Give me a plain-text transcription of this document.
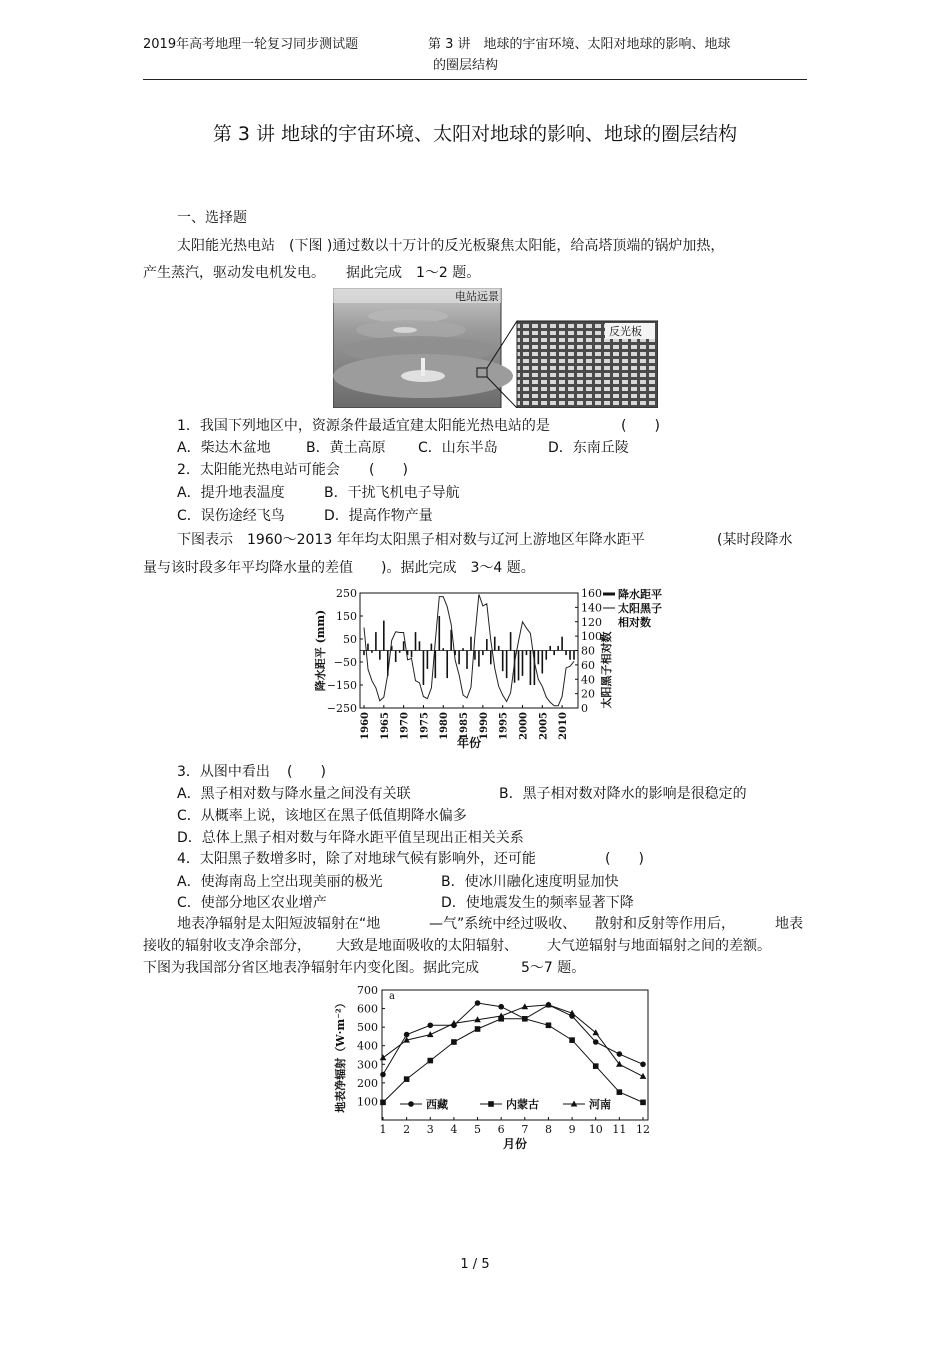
2019年高考地理一轮复习同步测试题	第 3 讲　地球的宇宙环境、太阳对地球的影响、地球
的圈层结构
第 3 讲 地球的宇宙环境、太阳对地球的影响、地球的圈层结构
一、选择题
太阳能光热电站　(下图 )通过数以十万计的反光板聚焦太阳能，给高塔顶端的锅炉加热，
产生蒸汽，驱动发电机发电。　　据此完成　1～2 题。
电站远景
反光板
1．我国下列地区中，资源条件最适宜建太阳能光热电站的是	(　　)
A．柴达木盆地	B．黄土高原 C．山东半岛	D．东南丘陵
2．太阳能光热电站可能会 (　　)
A．提升地表温度	B．干扰飞机电子导航
C．误伤途经飞鸟	D．提高作物产量
下图表示　1960～2013 年年均太阳黑子相对数与辽河上游地区年降水距平	(某时段降水
量与该时段多年平均降水量的差值　　)。据此完成　3～4 题。
250
150
50
−50
−150
−250
160
140
120
100
80
60
40
20
0
1960 1965 1970 1975 1980 1985 1990 1995 2000 2005 2010
降水距平 (mm)	太阳黑子相对数
年份
降水距平
太阳黑子
相对数
3．从图中看出 (　　)
A．黑子相对数与降水量之间没有关联	B．黑子相对数对降水的影响是很稳定的
C．从概率上说，该地区在黑子低值期降水偏多
D．总体上黑子相对数与年降水距平值呈现出正相关关系
4．太阳黑子数增多时，除了对地球气候有影响外，还可能	(　　)
A．使海南岛上空出现美丽的极光	B．使冰川融化速度明显加快
C．使部分地区农业增产	D．使地震发生的频率显著下降
地表净辐射是太阳短波辐射在“地	—气”系统中经过吸收、 散射和反射等作用后，	地表
接收的辐射收支净余部分， 大致是地面吸收的太阳辐射、 大气逆辐射与地面辐射之间的差额。
下图为我国部分省区地表净辐射年内变化图。据此完成　　　5～7 题。
100
200
300
400
500
600
700
1 2 3 4 5 6 7 8 9 10 11 12
a
西藏	内蒙古	河南
地表净辐射（W·m⁻²）
月份
1 / 5
